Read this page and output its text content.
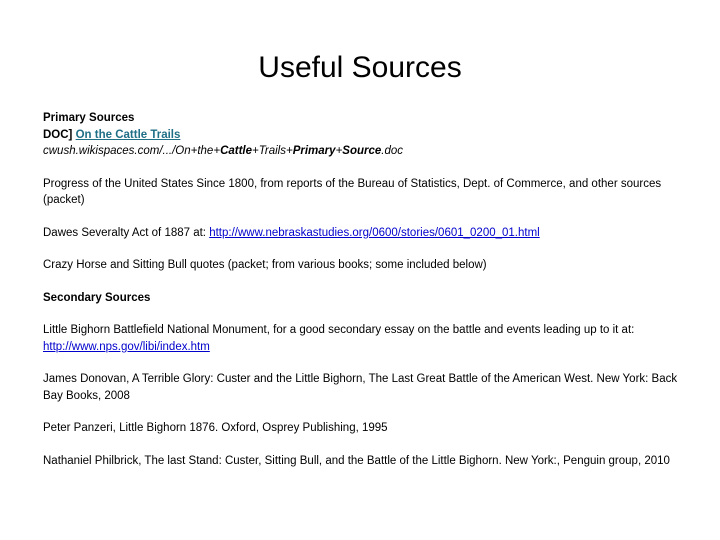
Useful Sources
Primary Sources
DOC] On the Cattle Trails
cwush.wikispaces.com/.../On+the+Cattle+Trails+Primary+Source.doc

Progress of the United States Since 1800, from reports of the Bureau of Statistics, Dept. of Commerce, and other sources (packet)

Dawes Severalty Act of 1887 at: http://www.nebraskastudies.org/0600/stories/0601_0200_01.html
Crazy Horse and Sitting Bull quotes (packet; from various books; some included below)
Secondary Sources
Little Bighorn Battlefield National Monument, for a good secondary essay on the battle and events leading up to it at:
http://www.nps.gov/libi/index.htm

James Donovan, A Terrible Glory: Custer and the Little Bighorn, The Last Great Battle of the American West. New York: Back Bay Books, 2008

Peter Panzeri, Little Bighorn 1876. Oxford, Osprey Publishing, 1995

Nathaniel Philbrick, The last Stand: Custer, Sitting Bull, and the Battle of the Little Bighorn. New York:, Penguin group, 2010
